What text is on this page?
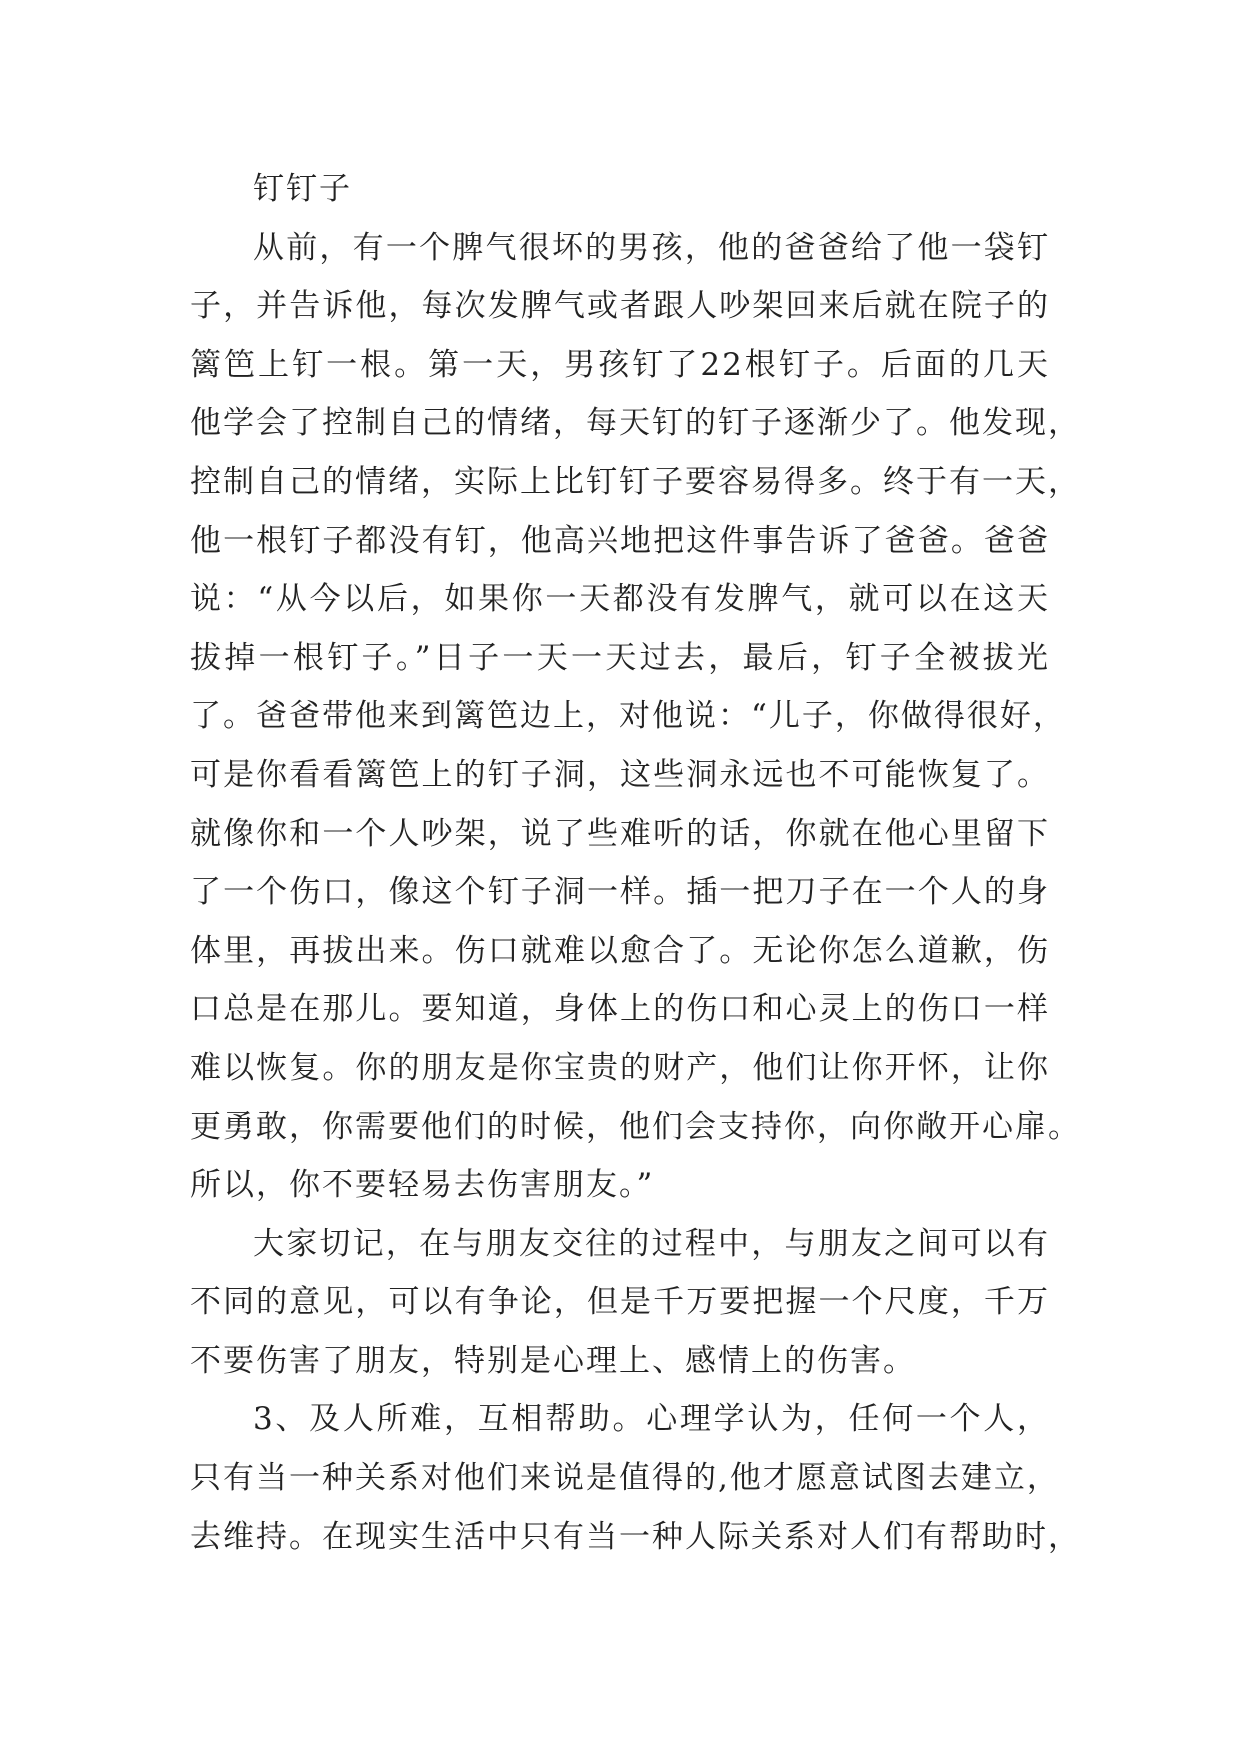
钉钉子
从前，有一个脾气很坏的男孩，他的爸爸给了他一袋钉
子，并告诉他，每次发脾气或者跟人吵架回来后就在院子的
篱笆上钉一根。第一天，男孩钉了22根钉子。后面的几天
他学会了控制自己的情绪，每天钉的钉子逐渐少了。他发现，
控制自己的情绪，实际上比钉钉子要容易得多。终于有一天，
他一根钉子都没有钉，他高兴地把这件事告诉了爸爸。爸爸
说：“从今以后，如果你一天都没有发脾气，就可以在这天
拔掉一根钉子。”日子一天一天过去，最后，钉子全被拔光
了。爸爸带他来到篱笆边上，对他说：“儿子，你做得很好，
可是你看看篱笆上的钉子洞，这些洞永远也不可能恢复了。
就像你和一个人吵架，说了些难听的话，你就在他心里留下
了一个伤口，像这个钉子洞一样。插一把刀子在一个人的身
体里，再拔出来。伤口就难以愈合了。无论你怎么道歉，伤
口总是在那儿。要知道，身体上的伤口和心灵上的伤口一样
难以恢复。你的朋友是你宝贵的财产，他们让你开怀，让你
更勇敢，你需要他们的时候，他们会支持你，向你敞开心扉。
所以，你不要轻易去伤害朋友。”
大家切记，在与朋友交往的过程中，与朋友之间可以有
不同的意见，可以有争论，但是千万要把握一个尺度，千万
不要伤害了朋友，特别是心理上、感情上的伤害。
3、及人所难，互相帮助。心理学认为，任何一个人，
只有当一种关系对他们来说是值得的,他才愿意试图去建立，
去维持。在现实生活中只有当一种人际关系对人们有帮助时，
